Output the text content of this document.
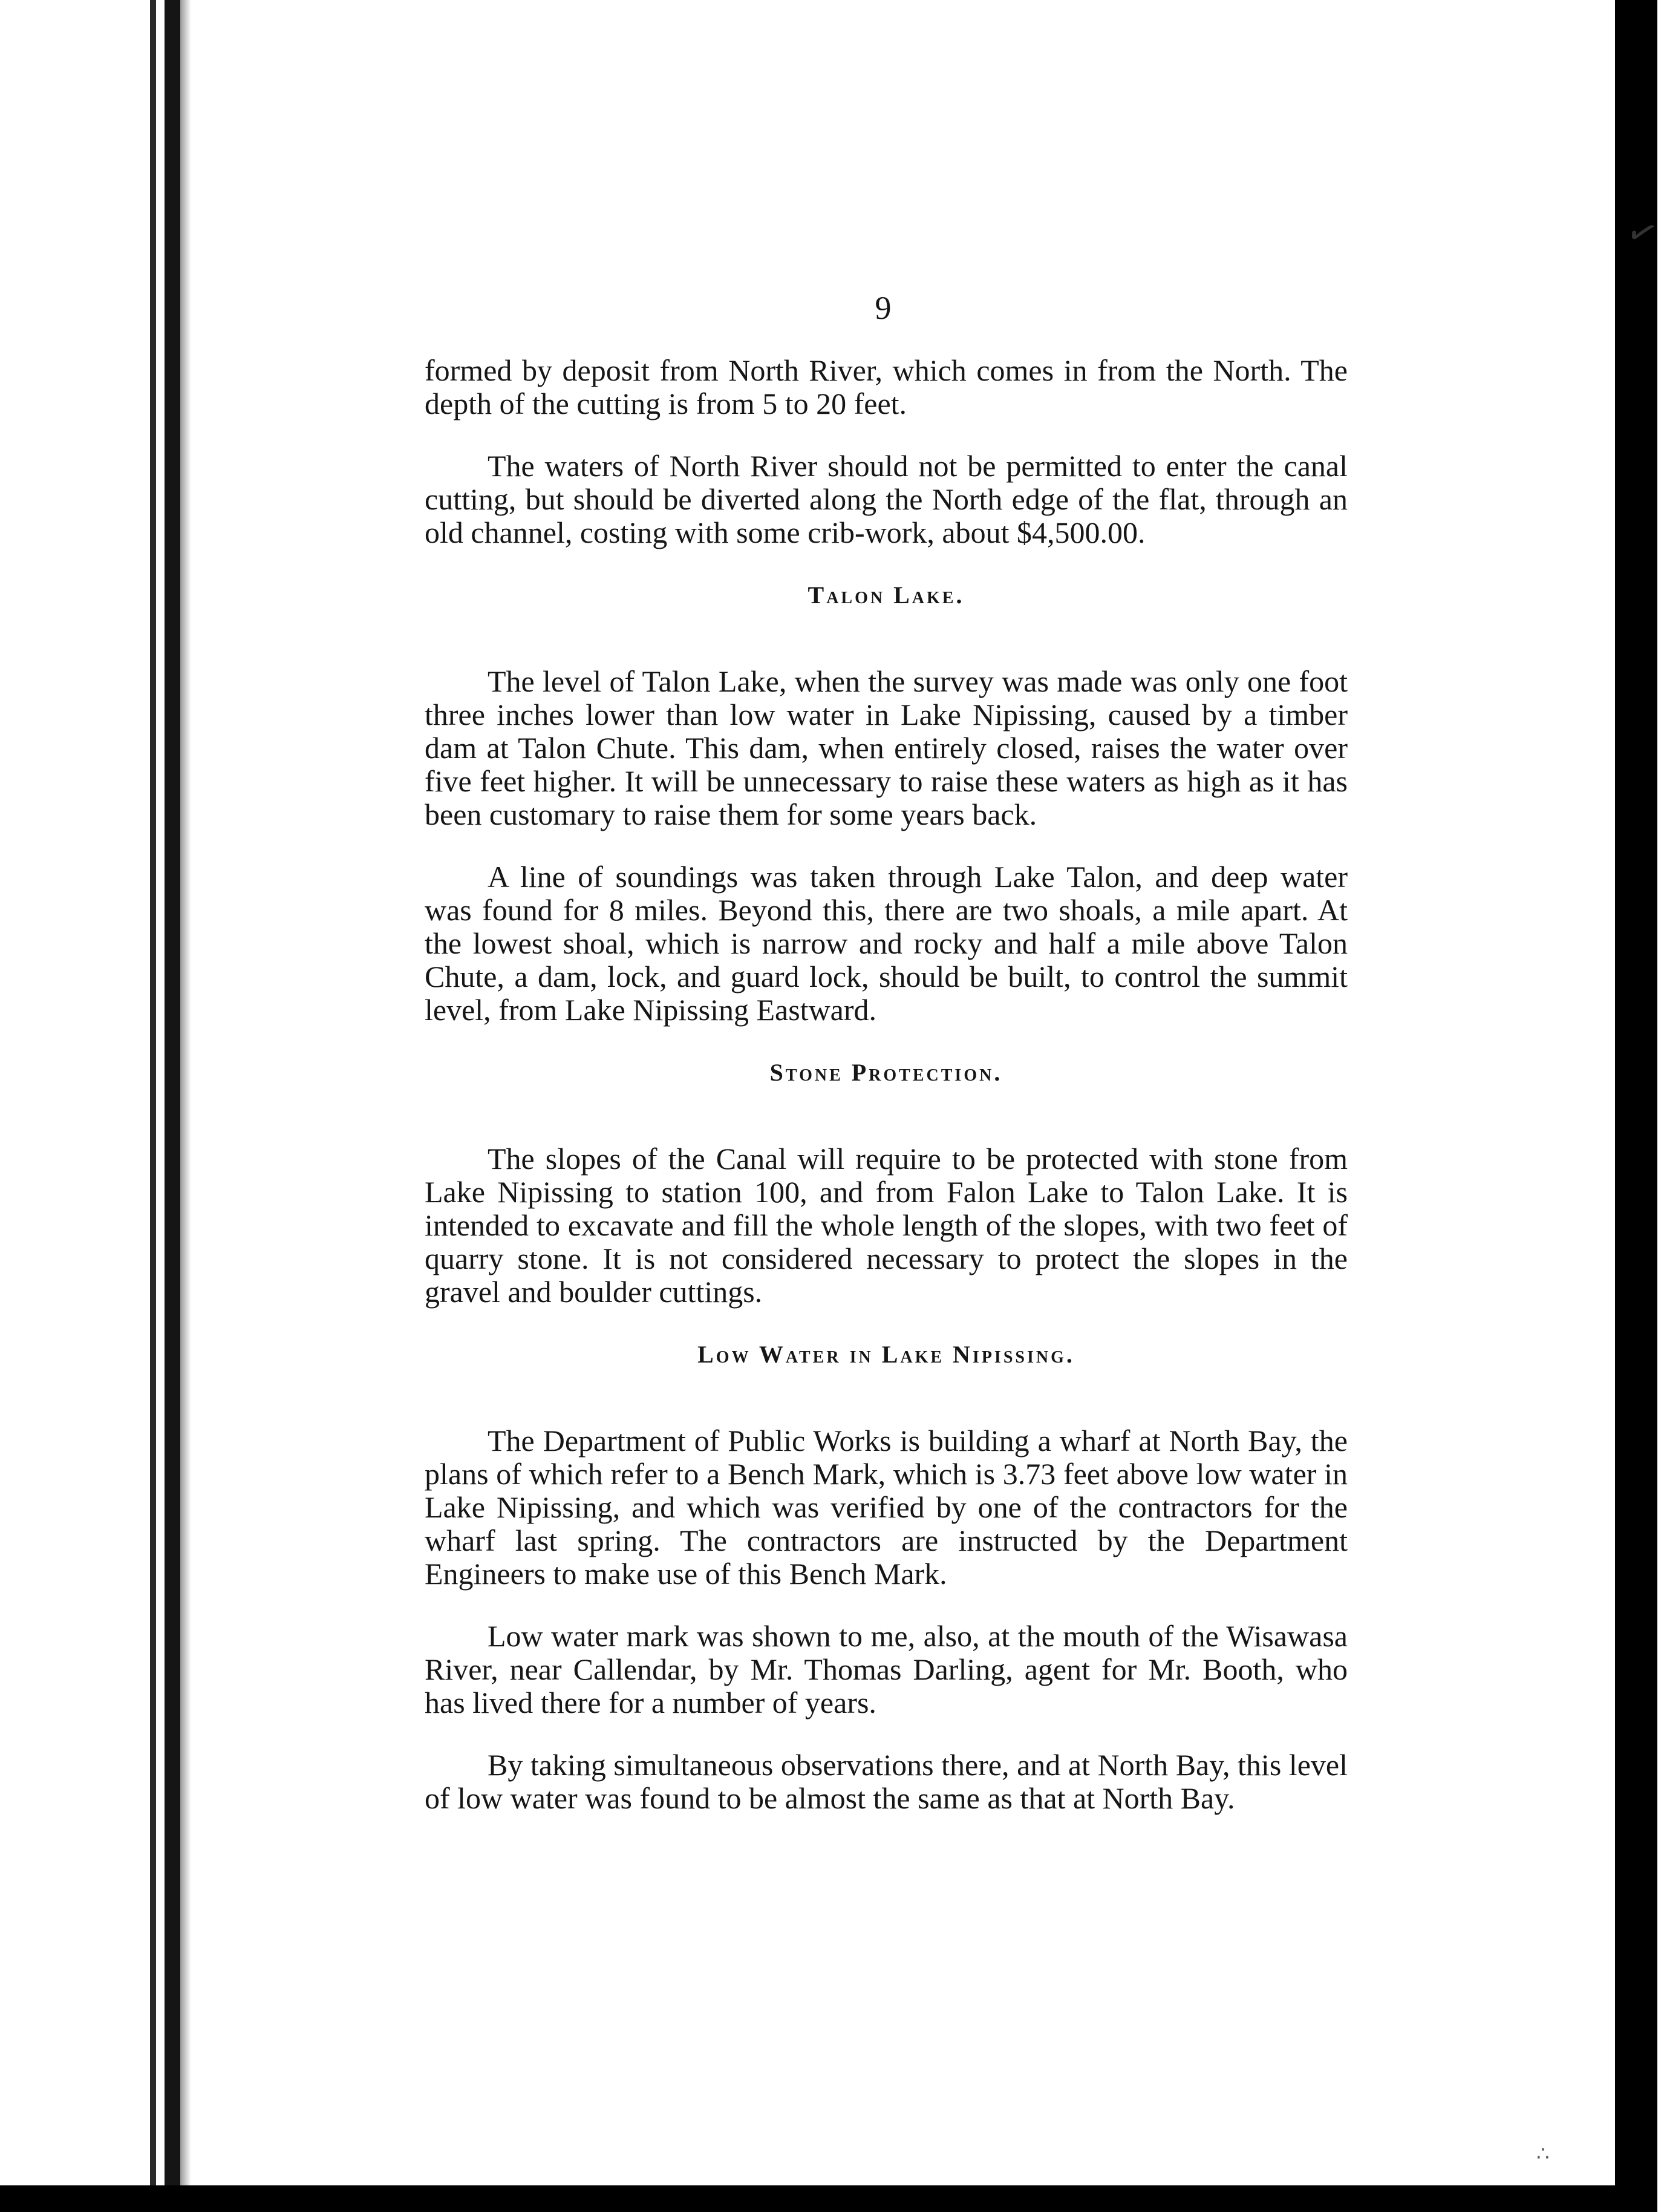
✓
∴
9

formed by deposit from North River, which comes in from the North. The depth of the cutting is from 5 to 20 feet.

The waters of North River should not be permitted to enter the canal cutting, but should be diverted along the North edge of the flat, through an old channel, costing with some crib-work, about $4,500.00.

Talon Lake.

The level of Talon Lake, when the survey was made was only one foot three inches lower than low water in Lake Nipissing, caused by a timber dam at Talon Chute. This dam, when entirely closed, raises the water over five feet higher. It will be unnecessary to raise these waters as high as it has been customary to raise them for some years back.

A line of soundings was taken through Lake Talon, and deep water was found for 8 miles. Beyond this, there are two shoals, a mile apart. At the lowest shoal, which is narrow and rocky and half a mile above Talon Chute, a dam, lock, and guard lock, should be built, to control the summit level, from Lake Nipissing Eastward.

Stone Protection.

The slopes of the Canal will require to be protected with stone from Lake Nipissing to station 100, and from Falon Lake to Talon Lake. It is intended to excavate and fill the whole length of the slopes, with two feet of quarry stone. It is not considered necessary to protect the slopes in the gravel and boulder cuttings.

Low Water in Lake Nipissing.

The Department of Public Works is building a wharf at North Bay, the plans of which refer to a Bench Mark, which is 3.73 feet above low water in Lake Nipissing, and which was verified by one of the contractors for the wharf last spring. The contractors are instructed by the Department Engineers to make use of this Bench Mark.

Low water mark was shown to me, also, at the mouth of the Wisawasa River, near Callendar, by Mr. Thomas Darling, agent for Mr. Booth, who has lived there for a number of years.

By taking simultaneous observations there, and at North Bay, this level of low water was found to be almost the same as that at North Bay.
